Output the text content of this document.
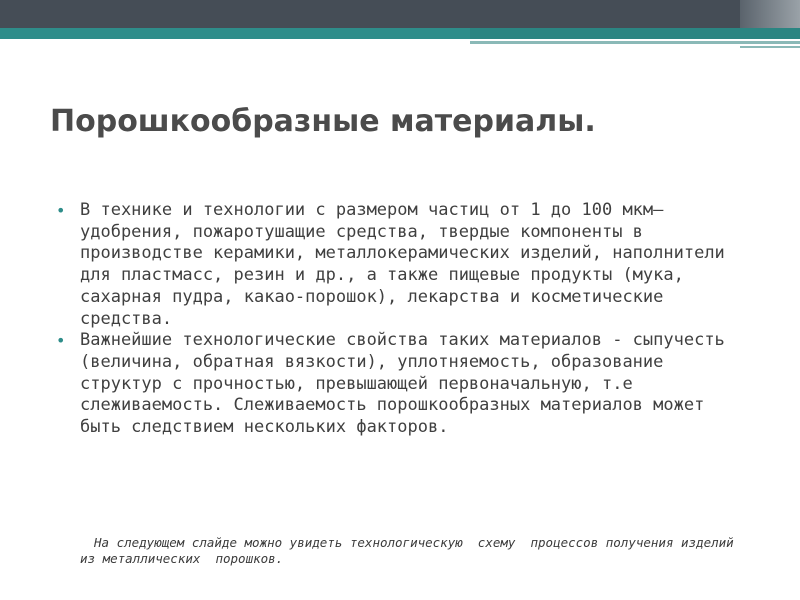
Порошкообразные материалы.

• В технике и технологии с размером частиц от 1 до 100 мкм– удобрения, пожаротушащие средства, твердые компоненты в производстве керамики, металлокерамических изделий, наполнители для пластмасс, резин и др., а также пищевые продукты (мука, сахарная пудра, какао-порошок), лекарства и косметические средства.

• Важнейшие технологические свойства таких материалов - сыпучесть (величина, обратная вязкости), уплотняемость, образование структур с прочностью, превышающей первоначальную, т.е слеживаемость. Слеживаемость порошкообразных материалов может быть следствием нескольких факторов.

На следующем слайде можно увидеть технологическую  схему  процессов получения изделий из металлических  порошков.
